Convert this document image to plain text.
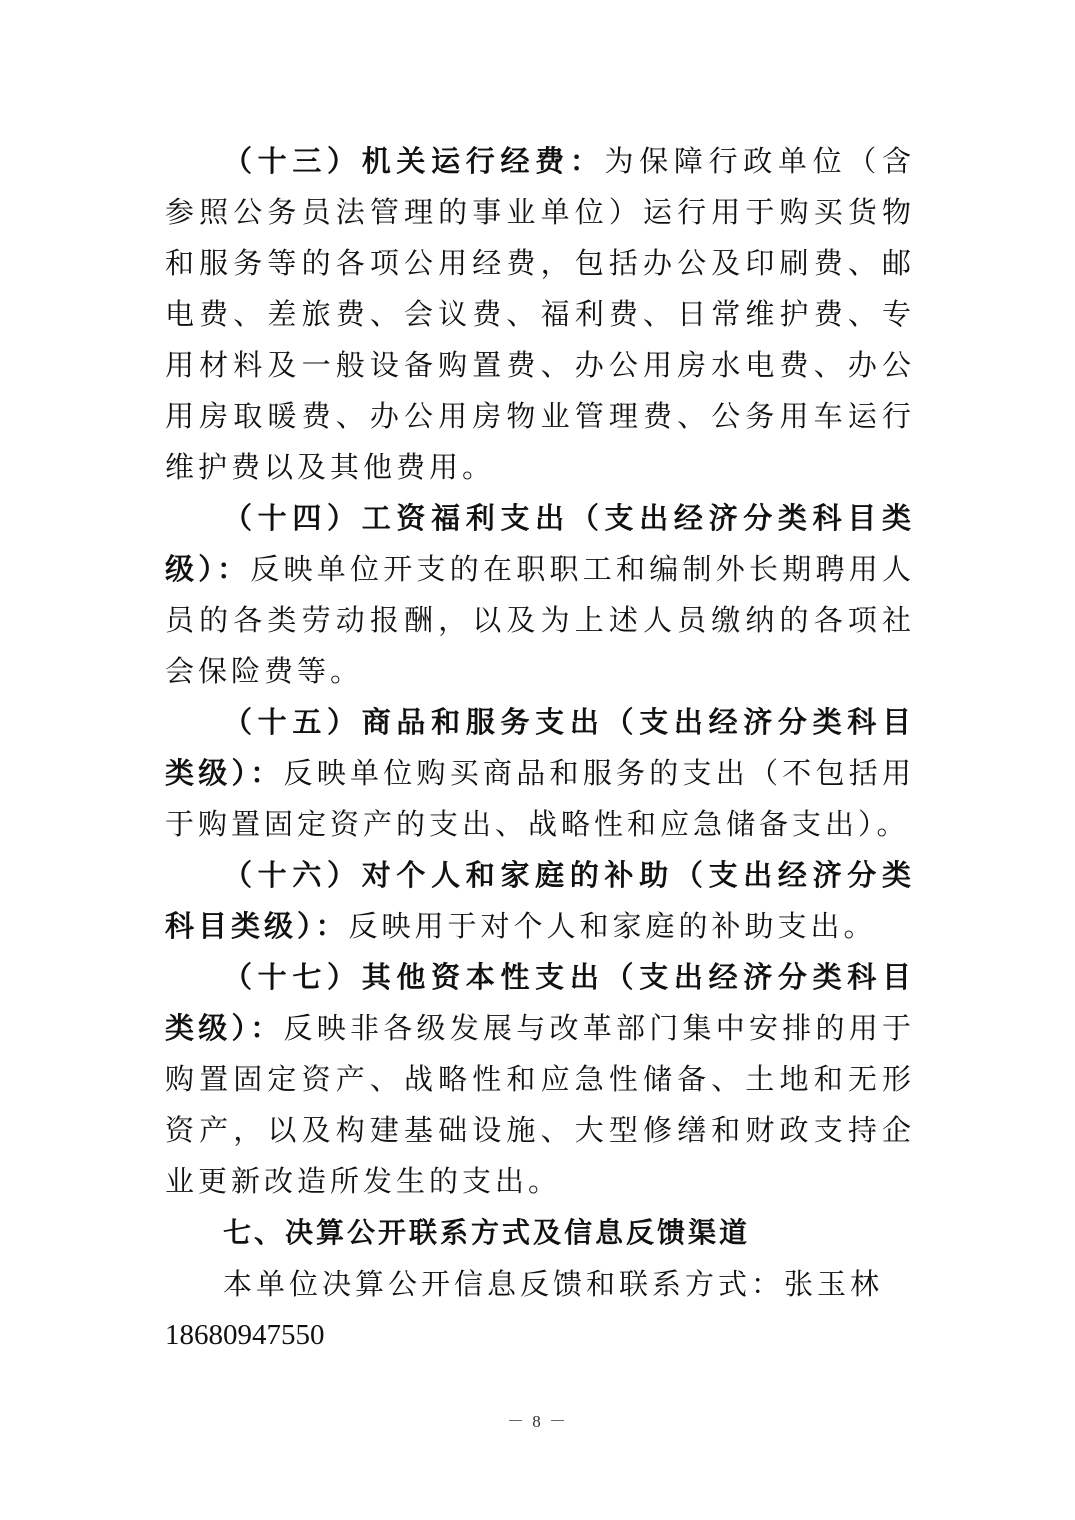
（十三）机关运行经费：为保障行政单位（含参照公务员法管理的事业单位）运行用于购买货物和服务等的各项公用经费，包括办公及印刷费、邮电费、差旅费、会议费、福利费、日常维护费、专用材料及一般设备购置费、办公用房水电费、办公用房取暖费、办公用房物业管理费、公务用车运行维护费以及其他费用。

（十四）工资福利支出（支出经济分类科目类级）：反映单位开支的在职职工和编制外长期聘用人员的各类劳动报酬，以及为上述人员缴纳的各项社会保险费等。

（十五）商品和服务支出（支出经济分类科目类级）：反映单位购买商品和服务的支出（不包括用于购置固定资产的支出、战略性和应急储备支出）。

（十六）对个人和家庭的补助（支出经济分类科目类级）：反映用于对个人和家庭的补助支出。

（十七）其他资本性支出（支出经济分类科目类级）：反映非各级发展与改革部门集中安排的用于购置固定资产、战略性和应急性储备、土地和无形资产，以及构建基础设施、大型修缮和财政支持企业更新改造所发生的支出。

七、决算公开联系方式及信息反馈渠道

本单位决算公开信息反馈和联系方式：张玉林

18680947550

－ 8 －
